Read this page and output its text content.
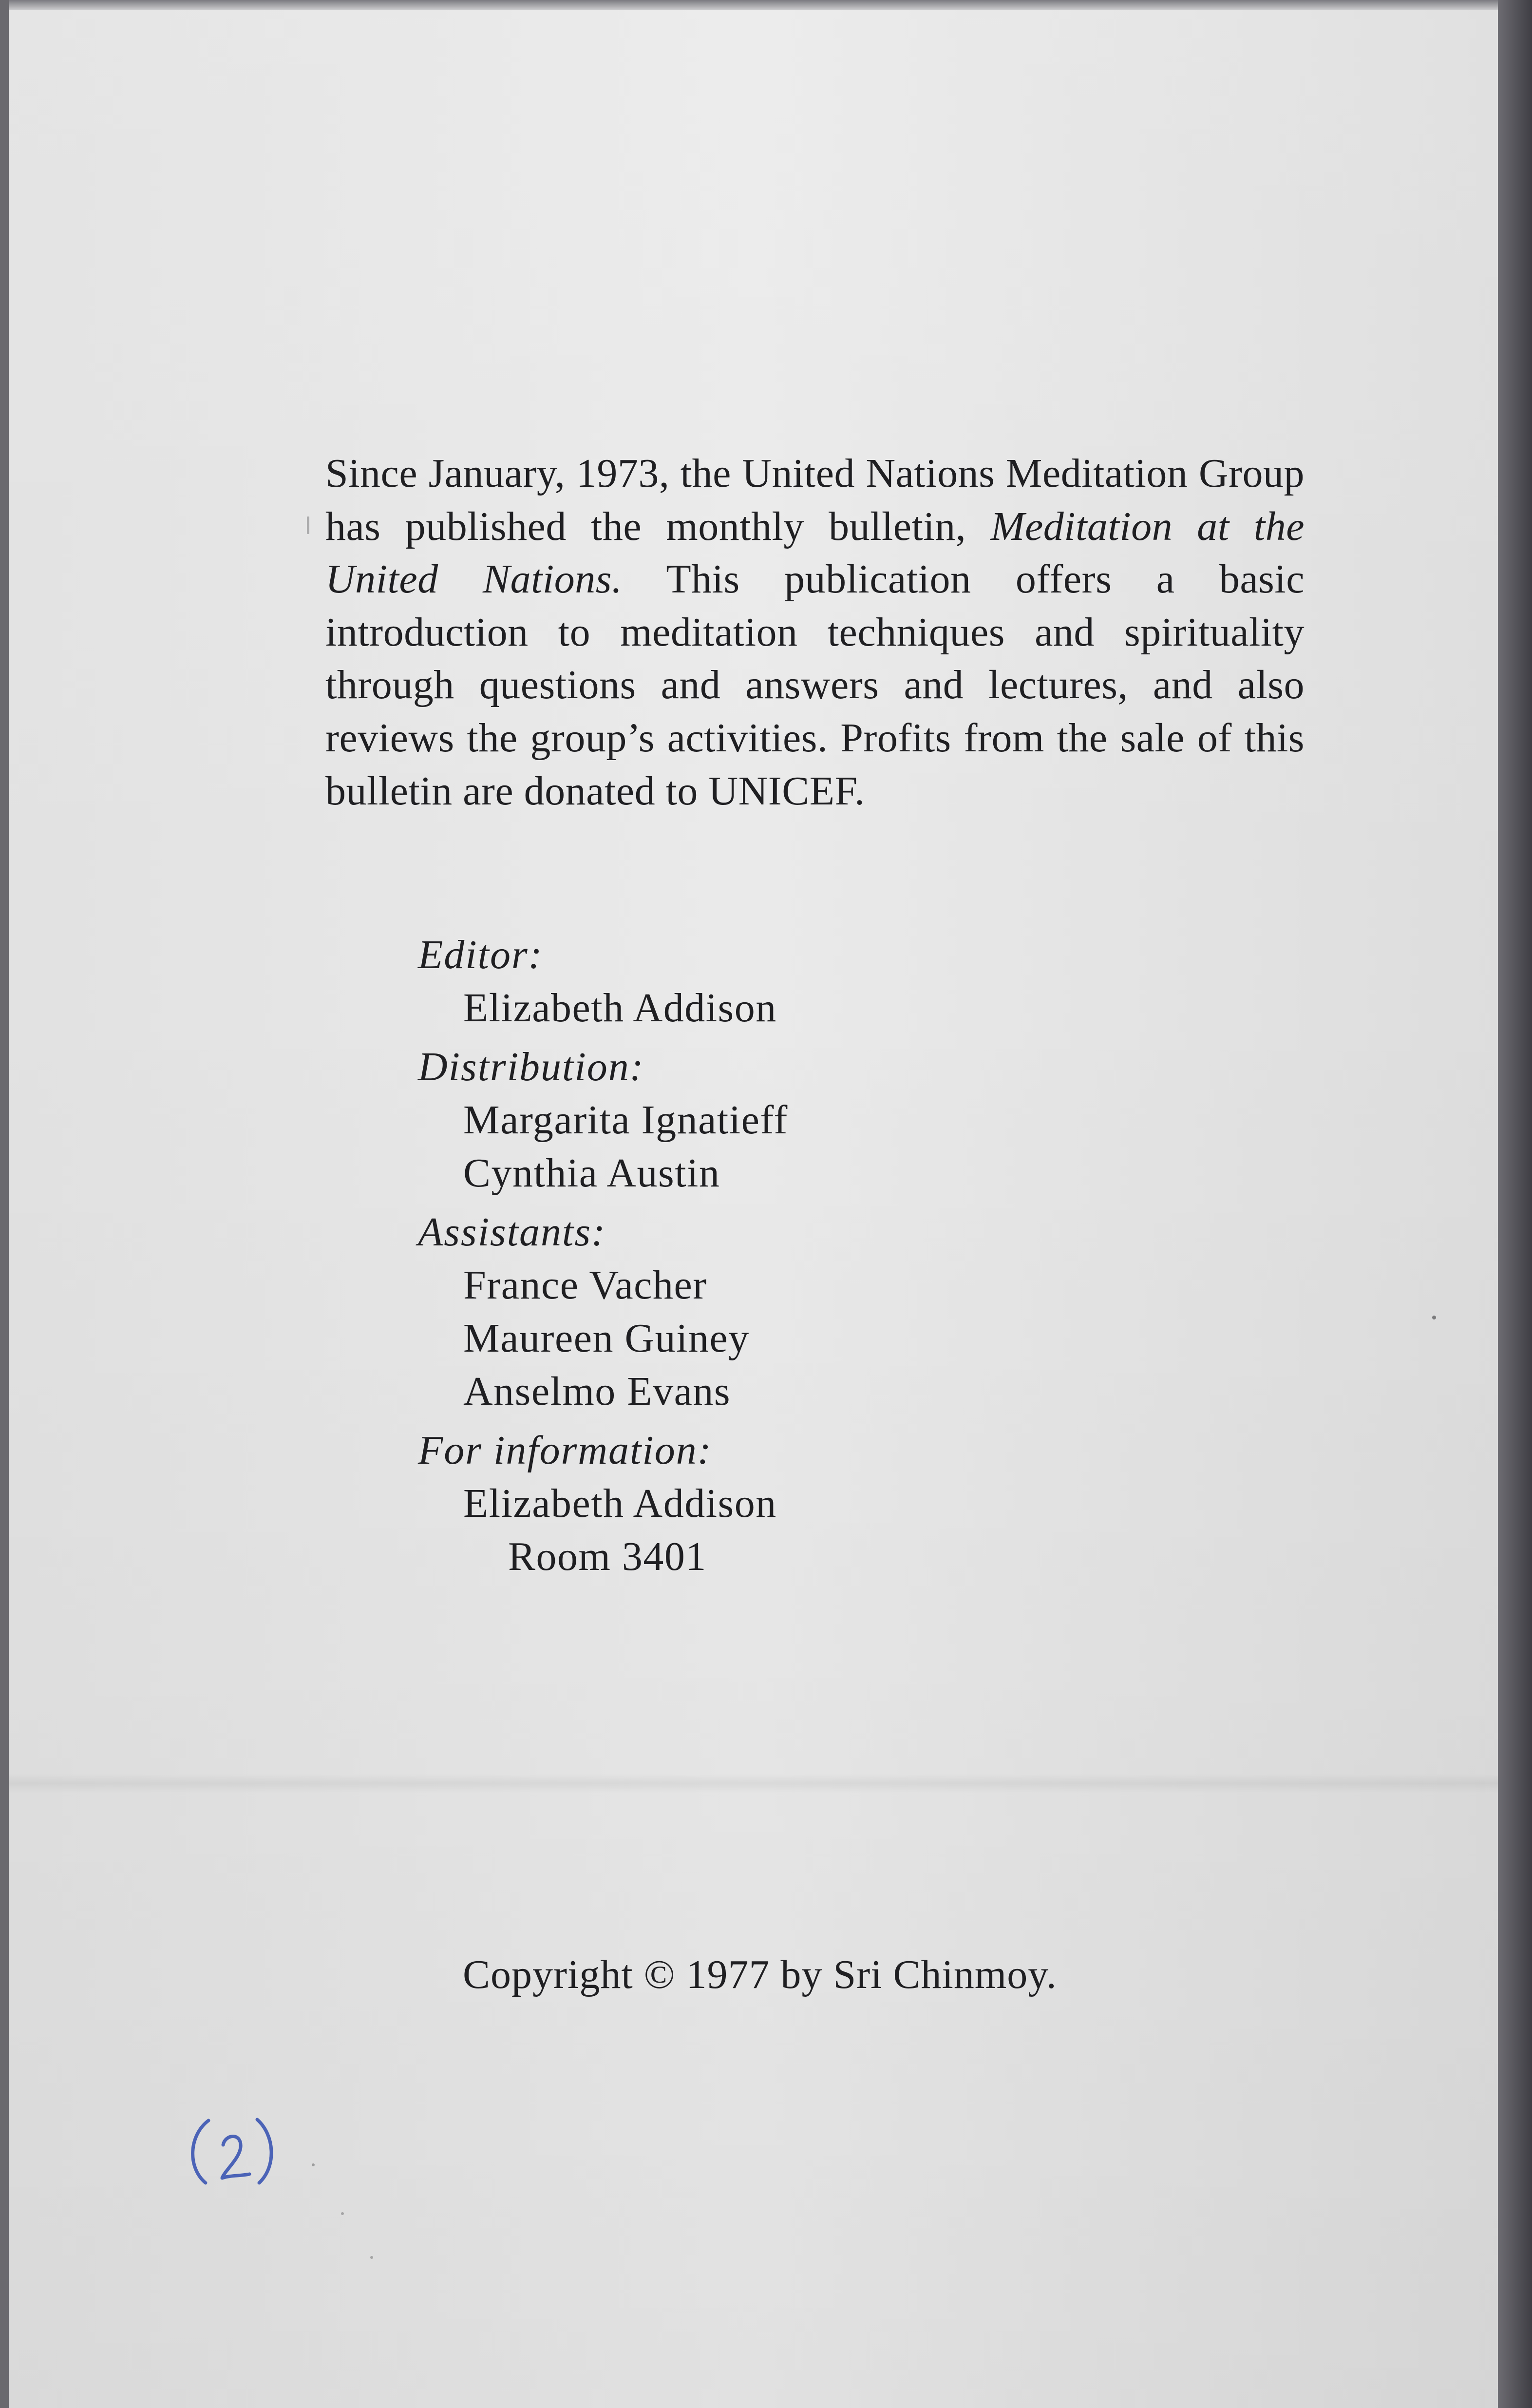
Since January, 1973, the United Nations Meditation Group has published the monthly bulletin, Meditation at the United Nations. This publication offers a basic introduction to meditation techniques and spirituality through questions and answers and lectures, and also reviews the group’s activities. Profits from the sale of this bulletin are donated to UNICEF.

Editor:
Elizabeth Addison
Distribution:
Margarita Ignatieff
Cynthia Austin
Assistants:
France Vacher
Maureen Guiney
Anselmo Evans
For information:
Elizabeth Addison
Room 3401
Copyright © 1977 by Sri Chinmoy.
